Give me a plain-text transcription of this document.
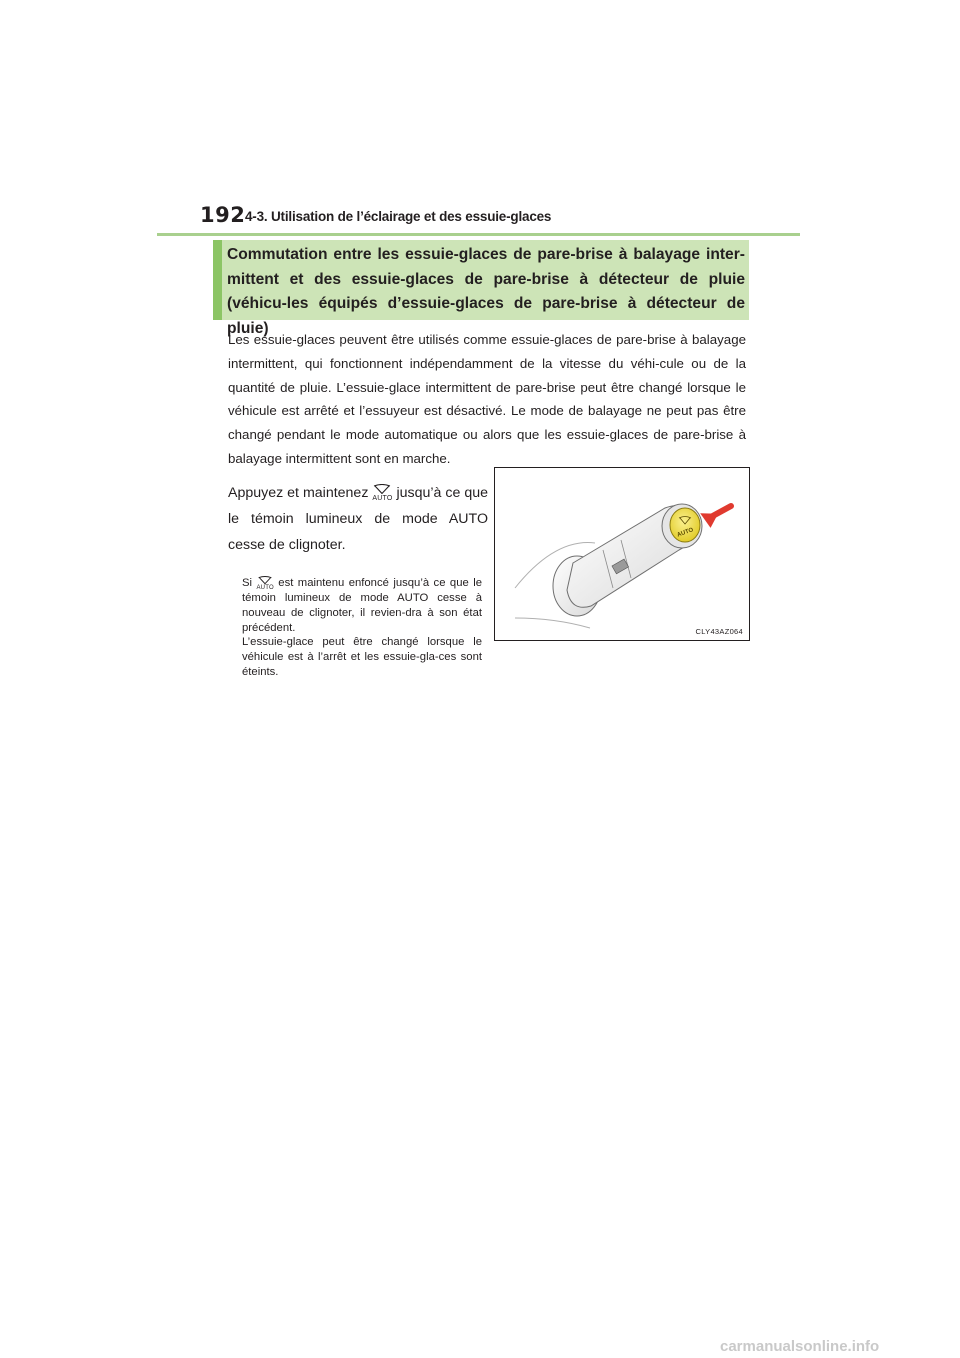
192 4-3. Utilisation de l’éclairage et des essuie-glaces
Commutation entre les essuie-glaces de pare-brise à balayage inter-mittent et des essuie-glaces de pare-brise à détecteur de pluie (véhicu-les équipés d’essuie-glaces de pare-brise à détecteur de pluie)
Les essuie-glaces peuvent être utilisés comme essuie-glaces de pare-brise à balayage intermittent, qui fonctionnent indépendamment de la vitesse du véhi-cule ou de la quantité de pluie. L’essuie-glace intermittent de pare-brise peut être changé lorsque le véhicule est arrêté et l’essuyeur est désactivé. Le mode de balayage ne peut pas être changé pendant le mode automatique ou alors que les essuie-glaces de pare-brise à balayage intermittent sont en marche.
Appuyez et maintenez AUTO jusqu’à ce que le témoin lumineux de mode AUTO cesse de clignoter.

Si AUTO est maintenu enfoncé jusqu’à ce que le témoin lumineux de mode AUTO cesse à nouveau de clignoter, il revien-dra à son état précédent.

L’essuie-glace peut être changé lorsque le véhicule est à l’arrêt et les essuie-gla-ces sont éteints.

AUTO
CLY43AZ064
carmanualsonline.info
